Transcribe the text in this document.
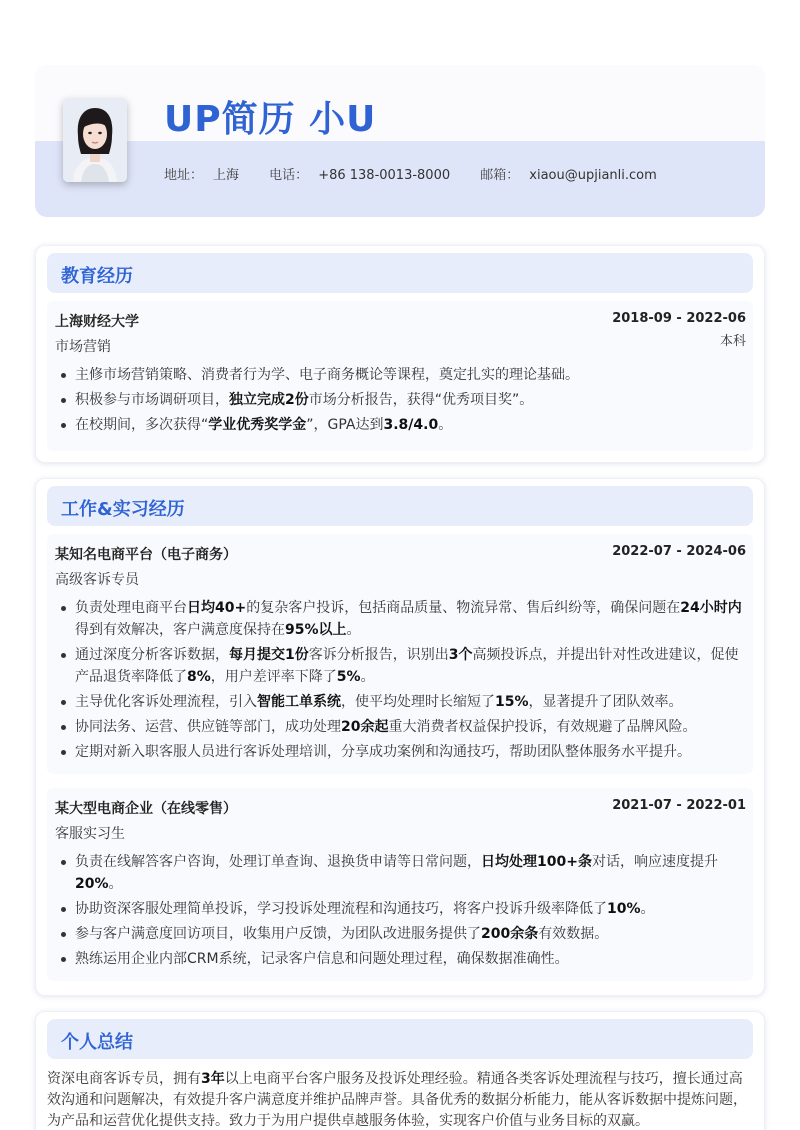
UP简历 小U
地址： 上海 电话： +86 138-0013-8000 邮箱： xiaou@upjianli.com
教育经历
上海财经大学	2018-09 - 2022-06
市场营销	本科
主修市场营销策略、消费者行为学、电子商务概论等课程，奠定扎实的理论基础。
积极参与市场调研项目，独立完成2份市场分析报告，获得“优秀项目奖”。
在校期间，多次获得“学业优秀奖学金”，GPA达到3.8/4.0。
工作&实习经历
某知名电商平台（电子商务）	2022-07 - 2024-06
高级客诉专员
负责处理电商平台日均40+的复杂客户投诉，包括商品质量、物流异常、售后纠纷等，确保问题在24小时内得到有效解决，客户满意度保持在95%以上。
通过深度分析客诉数据，每月提交1份客诉分析报告，识别出3个高频投诉点，并提出针对性改进建议，促使产品退货率降低了8%，用户差评率下降了5%。
主导优化客诉处理流程，引入智能工单系统，使平均处理时长缩短了15%，显著提升了团队效率。
协同法务、运营、供应链等部门，成功处理20余起重大消费者权益保护投诉，有效规避了品牌风险。
定期对新入职客服人员进行客诉处理培训，分享成功案例和沟通技巧，帮助团队整体服务水平提升。
某大型电商企业（在线零售）	2021-07 - 2022-01
客服实习生
负责在线解答客户咨询，处理订单查询、退换货申请等日常问题，日均处理100+条对话，响应速度提升20%。
协助资深客服处理简单投诉，学习投诉处理流程和沟通技巧，将客户投诉升级率降低了10%。
参与客户满意度回访项目，收集用户反馈，为团队改进服务提供了200余条有效数据。
熟练运用企业内部CRM系统，记录客户信息和问题处理过程，确保数据准确性。
个人总结
资深电商客诉专员，拥有3年以上电商平台客户服务及投诉处理经验。精通各类客诉处理流程与技巧，擅长通过高效沟通和问题解决，有效提升客户满意度并维护品牌声誉。具备优秀的数据分析能力，能从客诉数据中提炼问题，为产品和运营优化提供支持。致力于为用户提供卓越服务体验，实现客户价值与业务目标的双赢。
